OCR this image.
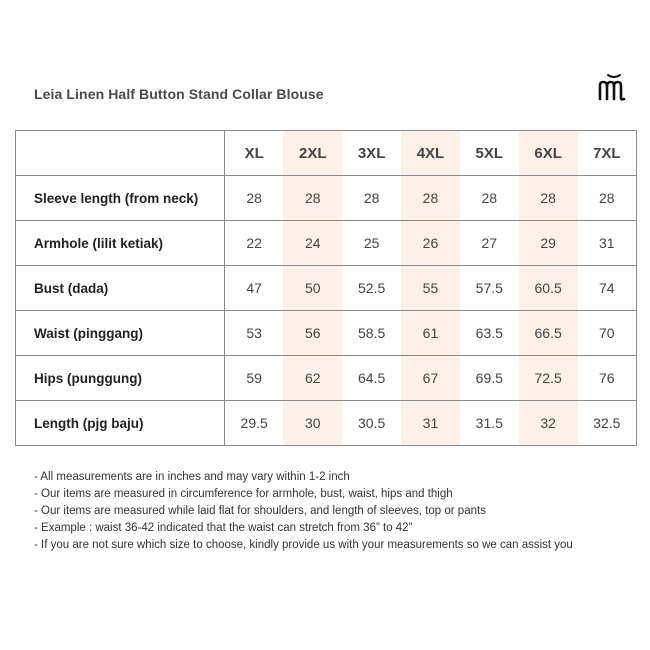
Leia Linen Half Button Stand Collar Blouse
	XL	2XL	3XL	4XL	5XL	6XL	7XL
Sleeve length (from neck)	28	28	28	28	28	28	28
Armhole (lilit ketiak)	22	24	25	26	27	29	31
Bust (dada)	47	50	52.5	55	57.5	60.5	74
Waist (pinggang)	53	56	58.5	61	63.5	66.5	70
Hips (punggung)	59	62	64.5	67	69.5	72.5	76
Length (pjg baju)	29.5	30	30.5	31	31.5	32	32.5
- All measurements are in inches and may vary within 1-2 inch
- Our items are measured in circumference for armhole, bust, waist, hips and thigh
- Our items are measured while laid flat for shoulders, and length of sleeves, top or pants
- Example : waist 36-42 indicated that the waist can stretch from 36” to 42”
- If you are not sure which size to choose, kindly provide us with your measurements so we can assist you
